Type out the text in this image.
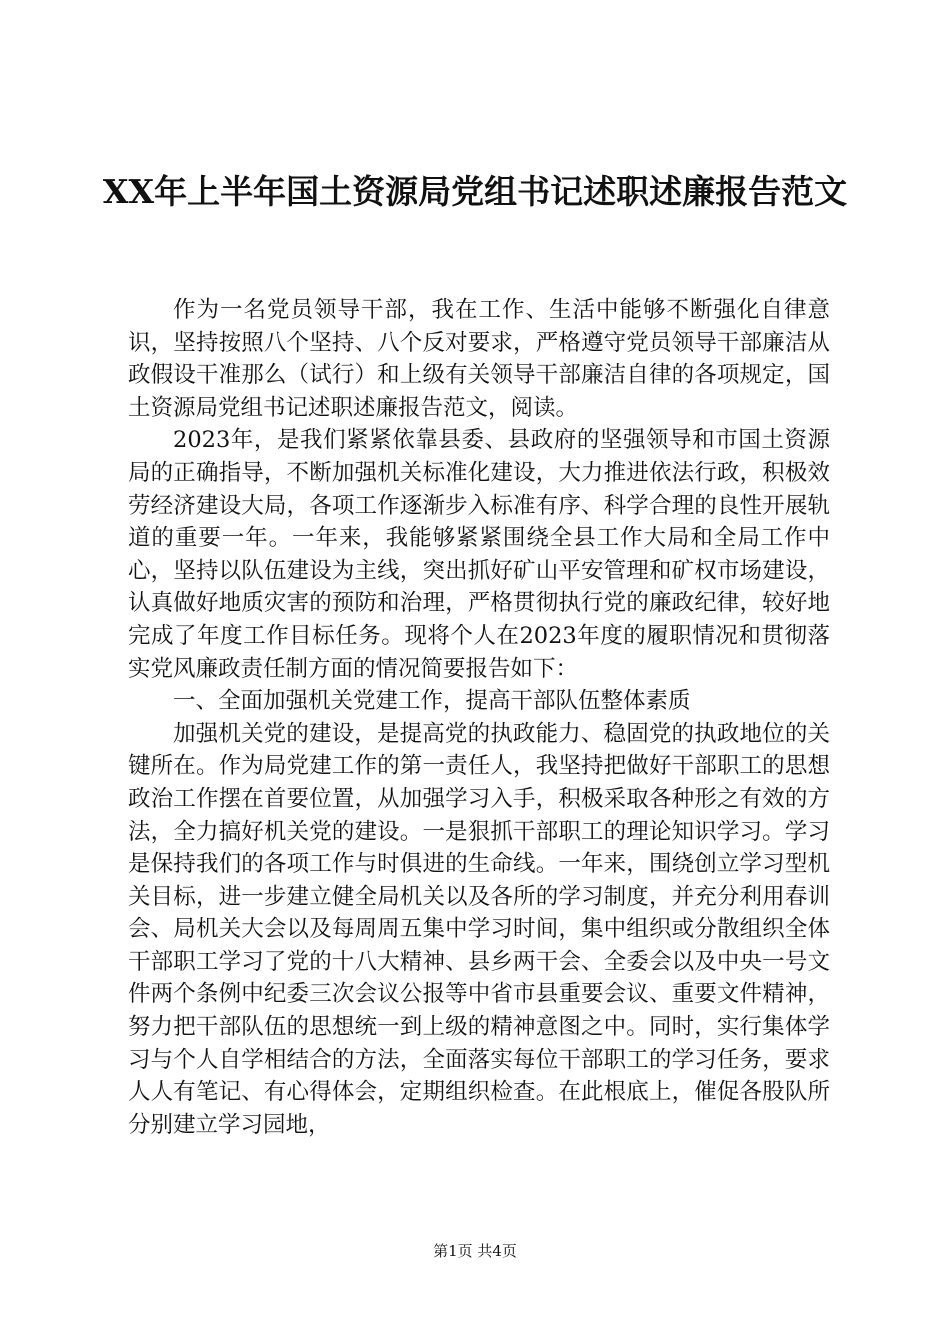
XX年上半年国土资源局党组书记述职述廉报告范文

作为一名党员领导干部，我在工作、生活中能够不断强化自律意识，坚持按照八个坚持、八个反对要求，严格遵守党员领导干部廉洁从政假设干准那么（试行）和上级有关领导干部廉洁自律的各项规定，国土资源局党组书记述职述廉报告范文，阅读。

2023年，是我们紧紧依靠县委、县政府的坚强领导和市国土资源局的正确指导，不断加强机关标准化建设，大力推进依法行政，积极效劳经济建设大局，各项工作逐渐步入标准有序、科学合理的良性开展轨道的重要一年。一年来，我能够紧紧围绕全县工作大局和全局工作中心，坚持以队伍建设为主线，突出抓好矿山平安管理和矿权市场建设，认真做好地质灾害的预防和治理，严格贯彻执行党的廉政纪律，较好地完成了年度工作目标任务。现将个人在2023年度的履职情况和贯彻落实党风廉政责任制方面的情况简要报告如下：

一、全面加强机关党建工作，提高干部队伍整体素质

加强机关党的建设，是提高党的执政能力、稳固党的执政地位的关键所在。作为局党建工作的第一责任人，我坚持把做好干部职工的思想政治工作摆在首要位置，从加强学习入手，积极采取各种形之有效的方法，全力搞好机关党的建设。一是狠抓干部职工的理论知识学习。学习是保持我们的各项工作与时俱进的生命线。一年来，围绕创立学习型机关目标，进一步建立健全局机关以及各所的学习制度，并充分利用春训会、局机关大会以及每周周五集中学习时间，集中组织或分散组织全体干部职工学习了党的十八大精神、县乡两干会、全委会以及中央一号文件两个条例中纪委三次会议公报等中省市县重要会议、重要文件精神，努力把干部队伍的思想统一到上级的精神意图之中。同时，实行集体学习与个人自学相结合的方法，全面落实每位干部职工的学习任务，要求人人有笔记、有心得体会，定期组织检查。在此根底上，催促各股队所分别建立学习园地，

第1页 共4页
